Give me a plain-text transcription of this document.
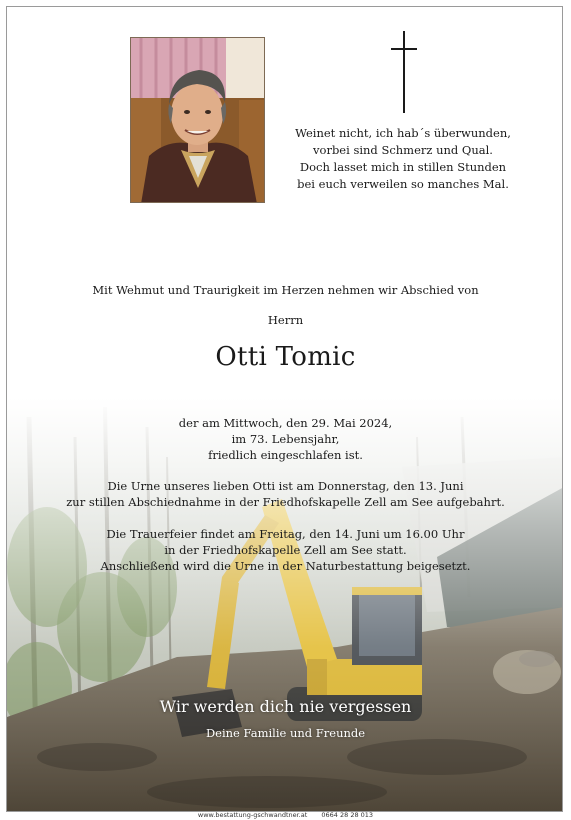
Weinet nicht, ich hab´s überwunden,
vorbei sind Schmerz und Qual.
Doch lasset mich in stillen Stunden
bei euch verweilen so manches Mal.
Mit Wehmut und Traurigkeit im Herzen nehmen wir Abschied von
Herrn
Otti Tomic
der am Mittwoch, den 29. Mai 2024,
im 73. Lebensjahr,
friedlich eingeschlafen ist.
Die Urne unseres lieben Otti ist am Donnerstag, den 13. Juni
zur stillen Abschiednahme in der Friedhofskapelle Zell am See aufgebahrt.
Die Trauerfeier findet am Freitag, den 14. Juni um 16.00 Uhr
in der Friedhofskapelle Zell am See statt.
Anschließend wird die Urne in der Naturbestattung beigesetzt.
Wir werden dich nie vergessen
Deine Familie und Freunde
www.bestattung-gschwandtner.at 0664 28 28 013
